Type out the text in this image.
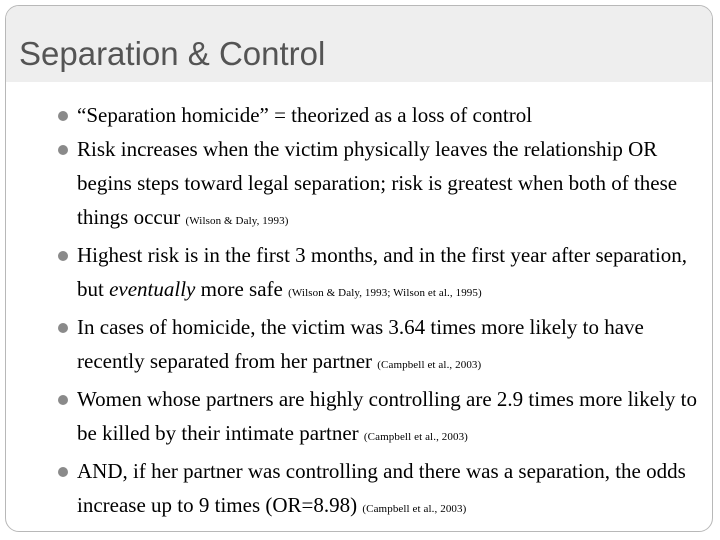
Separation & Control
“Separation homicide” = theorized as a loss of control
Risk increases when the victim physically leaves the relationship OR begins steps toward legal separation; risk is greatest when both of these things occur (Wilson & Daly, 1993)
Highest risk is in the first 3 months, and in the first year after separation, but eventually more safe (Wilson & Daly, 1993; Wilson et al., 1995)
In cases of homicide, the victim was 3.64 times more likely to have recently separated from her partner (Campbell et al., 2003)
Women whose partners are highly controlling are 2.9 times more likely to be killed by their intimate partner (Campbell et al., 2003)
AND, if her partner was controlling and there was a separation, the odds increase up to 9 times (OR=8.98) (Campbell et al., 2003)
